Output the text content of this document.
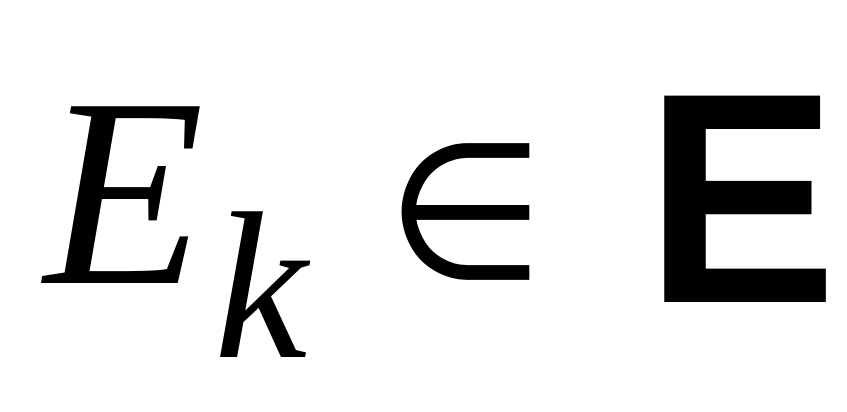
E k ∈ E
